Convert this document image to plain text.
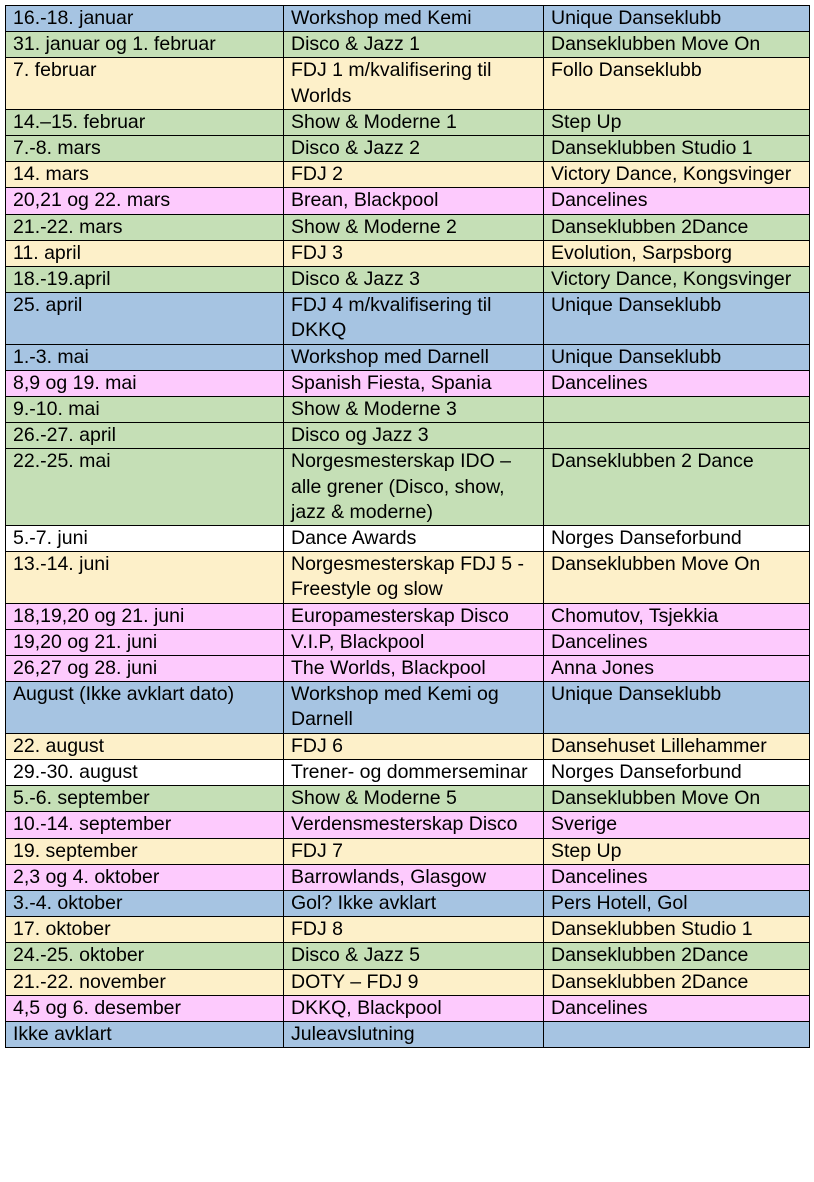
16.-18. januar	Workshop med Kemi	Unique Danseklubb
31. januar og 1. februar	Disco & Jazz 1	Danseklubben Move On
7. februar	FDJ 1 m/kvalifisering til Worlds	Follo Danseklubb
14.–15. februar	Show & Moderne 1	Step Up
7.-8. mars	Disco & Jazz 2	Danseklubben Studio 1
14. mars	FDJ 2	Victory Dance, Kongsvinger
20,21 og 22. mars	Brean, Blackpool	Dancelines
21.-22. mars	Show & Moderne 2	Danseklubben 2Dance
11. april	FDJ 3	Evolution, Sarpsborg
18.-19.april	Disco & Jazz 3	Victory Dance, Kongsvinger
25. april	FDJ 4 m/kvalifisering til DKKQ	Unique Danseklubb
1.-3. mai	Workshop med Darnell	Unique Danseklubb
8,9 og 19. mai	Spanish Fiesta, Spania	Dancelines
9.-10. mai	Show & Moderne 3	
26.-27. april	Disco og Jazz 3	
22.-25. mai	Norgesmesterskap IDO – alle grener (Disco, show, jazz & moderne)	Danseklubben 2 Dance
5.-7. juni	Dance Awards	Norges Danseforbund
13.-14. juni	Norgesmesterskap FDJ 5 - Freestyle og slow	Danseklubben Move On
18,19,20 og 21. juni	Europamesterskap Disco	Chomutov, Tsjekkia
19,20 og 21. juni	V.I.P, Blackpool	Dancelines
26,27 og 28. juni	The Worlds, Blackpool	Anna Jones
August (Ikke avklart dato)	Workshop med Kemi og Darnell	Unique Danseklubb
22. august	FDJ 6	Dansehuset Lillehammer
29.-30. august	Trener- og dommerseminar	Norges Danseforbund
5.-6. september	Show & Moderne 5	Danseklubben Move On
10.-14. september	Verdensmesterskap Disco	Sverige
19. september	FDJ 7	Step Up
2,3 og 4. oktober	Barrowlands, Glasgow	Dancelines
3.-4. oktober	Gol? Ikke avklart	Pers Hotell, Gol
17. oktober	FDJ 8	Danseklubben Studio 1
24.-25. oktober	Disco & Jazz 5	Danseklubben 2Dance
21.-22. november	DOTY – FDJ 9	Danseklubben 2Dance
4,5 og 6. desember	DKKQ, Blackpool	Dancelines
Ikke avklart	Juleavslutning	
